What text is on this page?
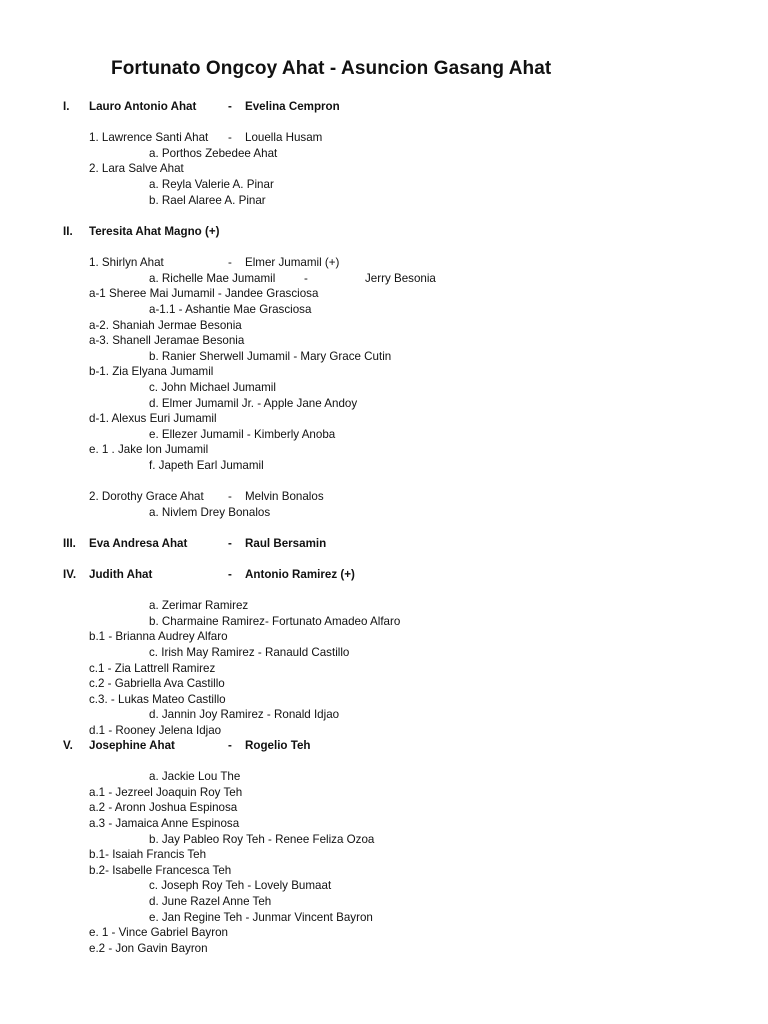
Fortunato Ongcoy Ahat - Asuncion Gasang Ahat
I. Lauro Antonio Ahat	- Evelina Cempron
1. Lawrence Santi Ahat - Louella Husam
a. Porthos Zebedee Ahat
2. Lara Salve Ahat
a. Reyla Valerie A. Pinar
b. Rael Alaree A. Pinar
II. Teresita Ahat Magno (+)
1. Shirlyn Ahat	- Elmer Jumamil (+)
a. Richelle Mae Jumamil -	Jerry Besonia
a-1 Sheree Mai Jumamil - Jandee Grasciosa
a-1.1 - Ashantie Mae Grasciosa
a-2. Shaniah Jermae Besonia
a-3. Shanell Jeramae Besonia
b. Ranier Sherwell Jumamil - Mary Grace Cutin
b-1. Zia Elyana Jumamil
c. John Michael Jumamil
d. Elmer Jumamil Jr. - Apple Jane Andoy
d-1. Alexus Euri Jumamil
e. Ellezer Jumamil - Kimberly Anoba
e. 1 . Jake Ion Jumamil
f. Japeth Earl Jumamil
2. Dorothy Grace Ahat - Melvin Bonalos
a. Nivlem Drey Bonalos
III. Eva Andresa Ahat	- Raul Bersamin
IV. Judith Ahat	- Antonio Ramirez (+)
a. Zerimar Ramirez
b. Charmaine Ramirez- Fortunato Amadeo Alfaro
b.1 - Brianna Audrey Alfaro
c. Irish May Ramirez - Ranauld Castillo
c.1 - Zia Lattrell Ramirez
c.2 - Gabriella Ava Castillo
c.3. - Lukas Mateo Castillo
d. Jannin Joy Ramirez - Ronald Idjao
d.1 - Rooney Jelena Idjao
V. Josephine Ahat	- Rogelio Teh
a. Jackie Lou The
a.1 - Jezreel Joaquin Roy Teh
a.2 - Aronn Joshua Espinosa
a.3 - Jamaica Anne Espinosa
b. Jay Pableo Roy Teh - Renee Feliza Ozoa
b.1- Isaiah Francis Teh
b.2- Isabelle Francesca Teh
c. Joseph Roy Teh - Lovely Bumaat
d. June Razel Anne Teh
e. Jan Regine Teh - Junmar Vincent Bayron
e. 1 - Vince Gabriel Bayron
e.2 - Jon Gavin Bayron
